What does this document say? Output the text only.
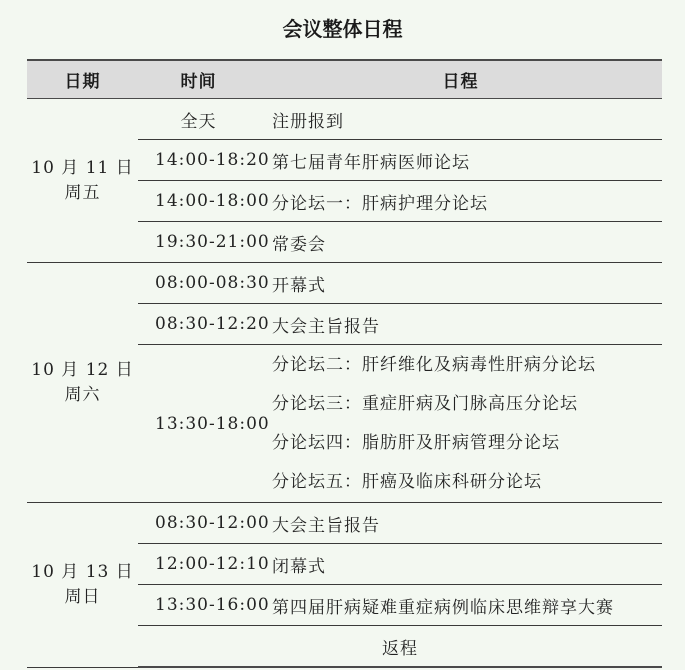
会议整体日程
日期	时间	日程

10 月 11 日
周五	全天	注册报到
	14:00-18:20	第七届青年肝病医师论坛
	14:00-18:00	分论坛一：肝病护理分论坛
	19:30-21:00	常委会

10 月 12 日
周六	08:00-08:30	开幕式
	08:30-12:20	大会主旨报告
	13:30-18:00	分论坛二：肝纤维化及病毒性肝病分论坛
分论坛三：重症肝病及门脉高压分论坛
分论坛四：脂肪肝及肝病管理分论坛
分论坛五：肝癌及临床科研分论坛

10 月 13 日
周日	08:30-12:00	大会主旨报告
	12:00-12:10	闭幕式
	13:30-16:00	第四届肝病疑难重症病例临床思维辩享大赛
	返程	
